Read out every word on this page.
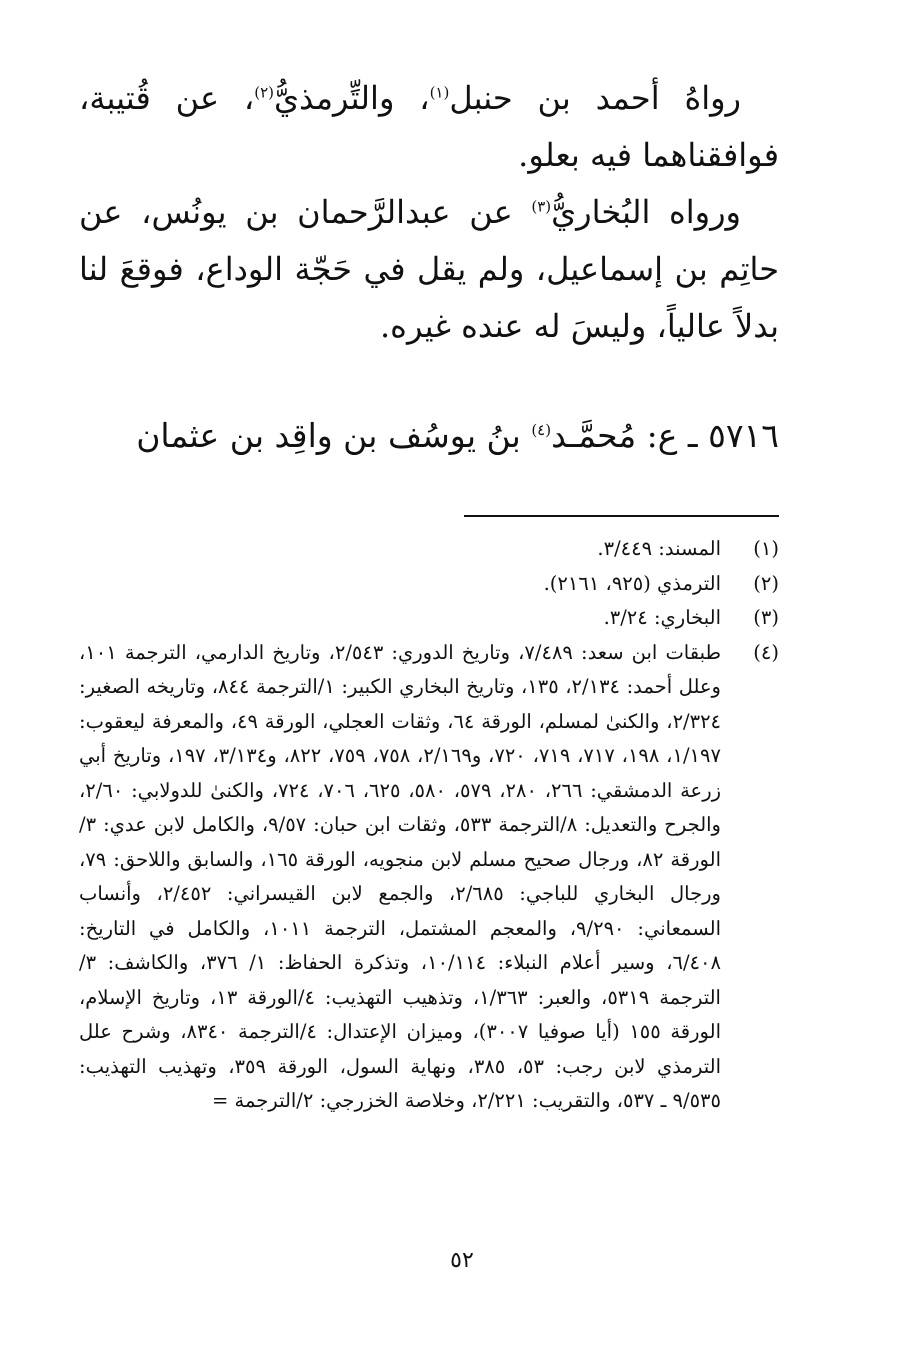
رواهُ أحمد بن حنبل$^{(١)}$، والتِّرمذيُّ$^{(٢)}$، عن قُتيبة، فوافقناهما فيه بعلو.

ورواه البُخاريُّ$^{(٣)}$ عن عبدالرَّحمان بن يونُس، عن حاتِم بن إسماعيل، ولم يقل في حَجّة الوداع، فوقعَ لنا بدلاً عالياً، وليسَ له عنده غيره.

٥٧١٦ ـ ع: مُحمَّـد$^{(٤)}$ بنُ يوسُف بن واقِد بن عثمان
(١)
المسند: ٣/٤٤٩.
(٢)
الترمذي (٩٢٥، ٢١٦١).
(٣)
البخاري: ٣/٢٤.
(٤)
طبقات ابن سعد: ٧/٤٨٩، وتاريخ الدوري: ٢/٥٤٣، وتاريخ الدارمي، الترجمة ١٠١، وعلل أحمد: ٢/١٣٤، ١٣٥، وتاريخ البخاري الكبير: ١/الترجمة ٨٤٤، وتاريخه الصغير: ٢/٣٢٤، والكنىٰ لمسلم، الورقة ٦٤، وثقات العجلي، الورقة ٤٩، والمعرفة ليعقوب: ١/١٩٧، ١٩٨، ٧١٧، ٧١٩، ٧٢٠، و٢/١٦٩، ٧٥٨، ٧٥٩، ٨٢٢، و٣/١٣٤، ١٩٧، وتاريخ أبي زرعة الدمشقي: ٢٦٦، ٢٨٠، ٥٧٩، ٥٨٠، ٦٢٥، ٧٠٦، ٧٢٤، والكنىٰ للدولابي: ٢/٦٠، والجرح والتعديل: ٨/الترجمة ٥٣٣، وثقات ابن حبان: ٩/٥٧، والكامل لابن عدي: ٣/الورقة ٨٢، ورجال صحيح مسلم لابن منجويه، الورقة ١٦٥، والسابق واللاحق: ٧٩، ورجال البخاري للباجي: ٢/٦٨٥، والجمع لابن القيسراني: ٢/٤٥٢، وأنساب السمعاني: ٩/٢٩٠، والمعجم المشتمل، الترجمة ١٠١١، والكامل في التاريخ: ٦/٤٠٨، وسير أعلام النبلاء: ١٠/١١٤، وتذكرة الحفاظ: ١/ ٣٧٦، والكاشف: ٣/الترجمة ٥٣١٩، والعبر: ١/٣٦٣، وتذهيب التهذيب: ٤/الورقة ١٣، وتاريخ الإسلام، الورقة ١٥٥ (أيا صوفيا ٣٠٠٧)، وميزان الإعتدال: ٤/الترجمة ٨٣٤٠، وشرح علل الترمذي لابن رجب: ٥٣، ٣٨٥، ونهاية السول، الورقة ٣٥٩، وتهذيب التهذيب: ٩/٥٣٥ ـ ٥٣٧، والتقريب: ٢/٢٢١، وخلاصة الخزرجي: ٢/الترجمة =
٥٢
